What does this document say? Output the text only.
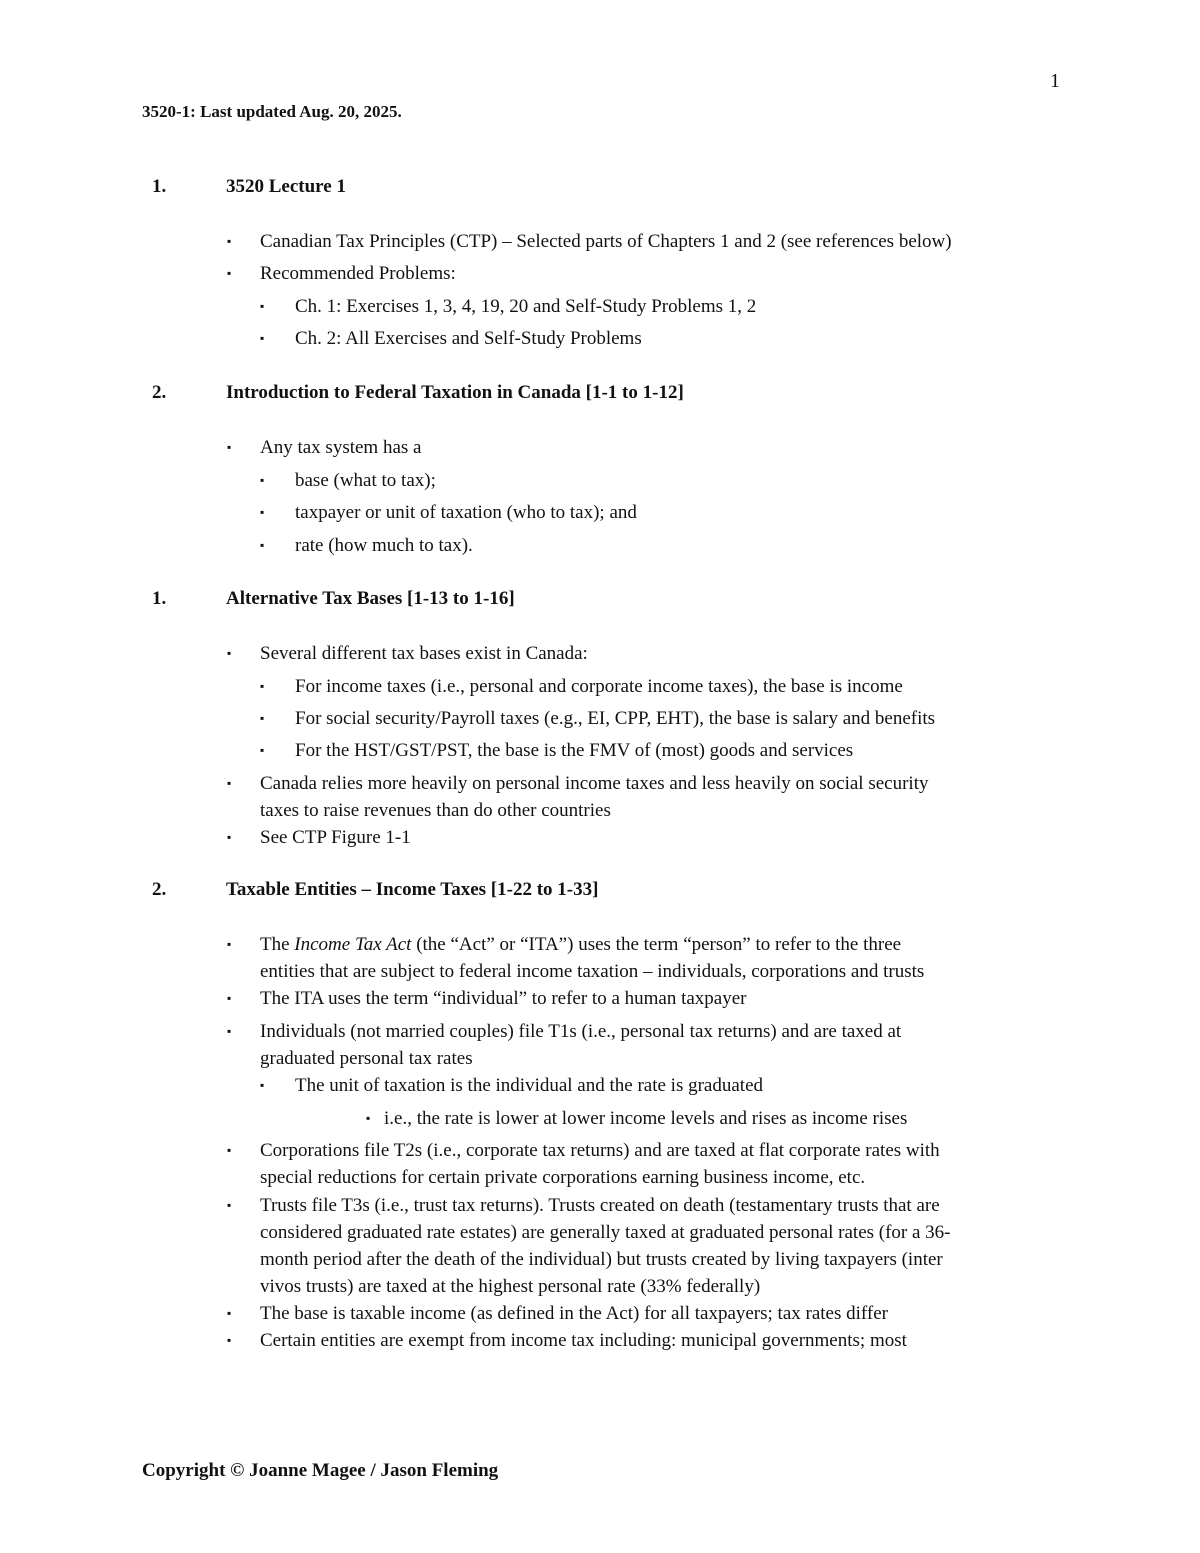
1
3520-1: Last updated Aug. 20, 2025.
1.	3520 Lecture 1
▪ Canadian Tax Principles (CTP) – Selected parts of Chapters 1 and 2 (see references below)
▪ Recommended Problems:
▪ Ch. 1: Exercises 1, 3, 4, 19, 20 and Self-Study Problems 1, 2
▪ Ch. 2: All Exercises and Self-Study Problems
2.	Introduction to Federal Taxation in Canada [1-1 to 1-12]
▪ Any tax system has a
▪ base (what to tax);
▪ taxpayer or unit of taxation (who to tax); and
▪ rate (how much to tax).
1.	Alternative Tax Bases [1-13 to 1-16]
▪ Several different tax bases exist in Canada:
▪ For income taxes (i.e., personal and corporate income taxes), the base is income
▪ For social security/Payroll taxes (e.g., EI, CPP, EHT), the base is salary and benefits
▪ For the HST/GST/PST, the base is the FMV of (most) goods and services
▪ Canada relies more heavily on personal income taxes and less heavily on social security
taxes to raise revenues than do other countries
▪ See CTP Figure 1-1
2.	Taxable Entities – Income Taxes [1-22 to 1-33]
▪ The Income Tax Act (the “Act” or “ITA”) uses the term “person” to refer to the three
entities that are subject to federal income taxation – individuals, corporations and trusts
▪ The ITA uses the term “individual” to refer to a human taxpayer
▪ Individuals (not married couples) file T1s (i.e., personal tax returns) and are taxed at
graduated personal tax rates
▪ The unit of taxation is the individual and the rate is graduated
▪ i.e., the rate is lower at lower income levels and rises as income rises
▪ Corporations file T2s (i.e., corporate tax returns) and are taxed at flat corporate rates with
special reductions for certain private corporations earning business income, etc.
▪ Trusts file T3s (i.e., trust tax returns). Trusts created on death (testamentary trusts that are
considered graduated rate estates) are generally taxed at graduated personal rates (for a 36-
month period after the death of the individual) but trusts created by living taxpayers (inter
vivos trusts) are taxed at the highest personal rate (33% federally)
▪ The base is taxable income (as defined in the Act) for all taxpayers; tax rates differ
▪ Certain entities are exempt from income tax including: municipal governments; most
Copyright © Joanne Magee / Jason Fleming
